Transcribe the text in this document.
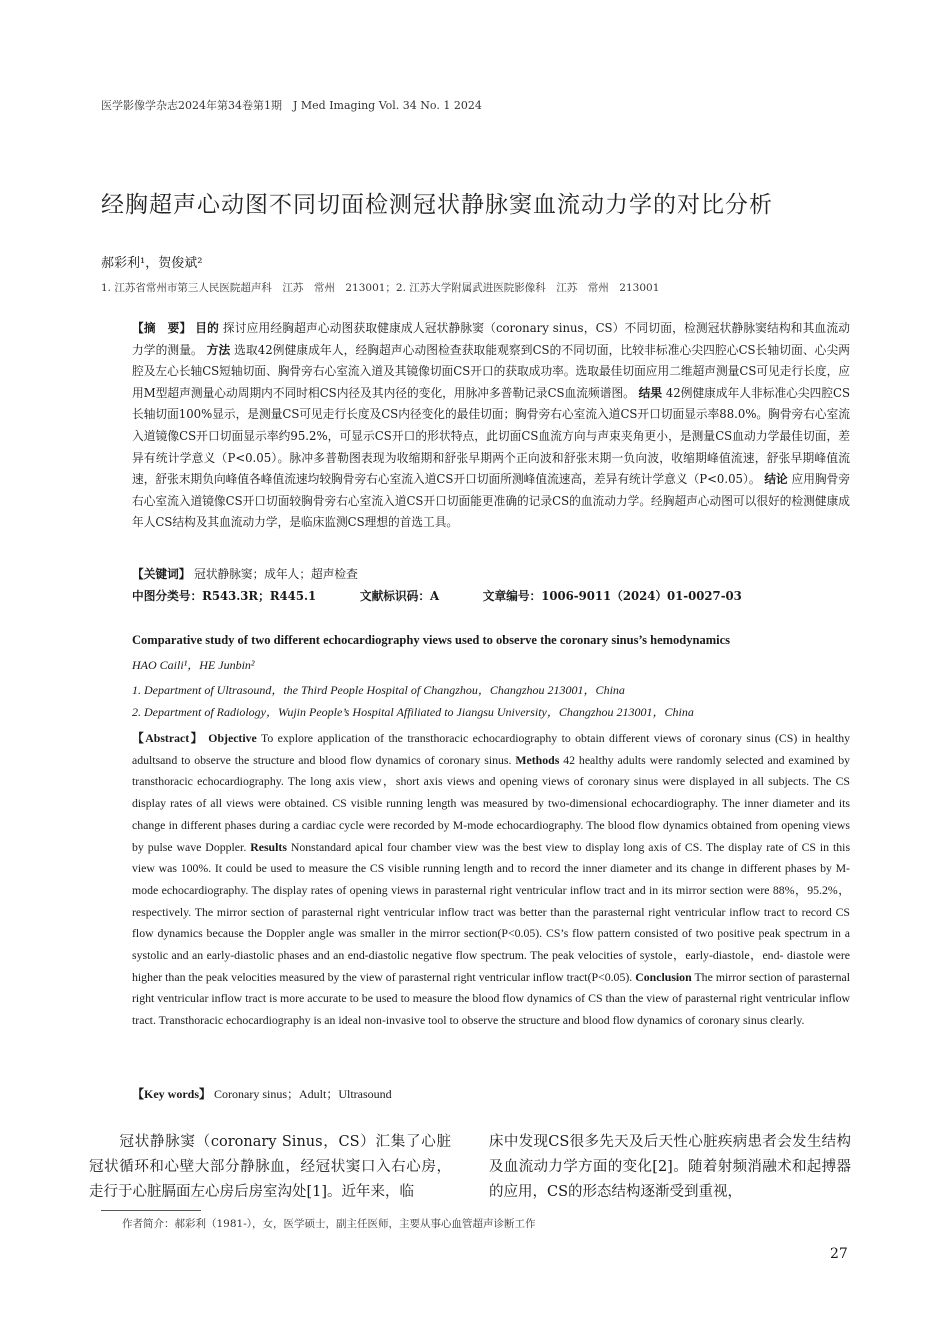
医学影像学杂志2024年第34卷第1期　J Med Imaging Vol. 34 No. 1 2024
经胸超声心动图不同切面检测冠状静脉窦血流动力学的对比分析
郝彩利¹，贺俊斌²
1. 江苏省常州市第三人民医院超声科　江苏　常州　213001；2. 江苏大学附属武进医院影像科　江苏　常州　213001
【摘　要】 目的 探讨应用经胸超声心动图获取健康成人冠状静脉窦（coronary sinus，CS）不同切面，检测冠状静脉窦结构和其血流动力学的测量。 方法 选取42例健康成年人，经胸超声心动图检查获取能观察到CS的不同切面，比较非标准心尖四腔心CS长轴切面、心尖两腔及左心长轴CS短轴切面、胸骨旁右心室流入道及其镜像切面CS开口的获取成功率。选取最佳切面应用二维超声测量CS可见走行长度，应用M型超声测量心动周期内不同时相CS内径及其内径的变化，用脉冲多普勒记录CS血流频谱图。 结果 42例健康成年人非标准心尖四腔CS长轴切面100%显示，是测量CS可见走行长度及CS内径变化的最佳切面；胸骨旁右心室流入道CS开口切面显示率88.0%。胸骨旁右心室流入道镜像CS开口切面显示率约95.2%，可显示CS开口的形状特点，此切面CS血流方向与声束夹角更小，是测量CS血动力学最佳切面，差异有统计学意义（P<0.05）。脉冲多普勒图表现为收缩期和舒张早期两个正向波和舒张末期一负向波，收缩期峰值流速，舒张早期峰值流速，舒张末期负向峰值各峰值流速均较胸骨旁右心室流入道CS开口切面所测峰值流速高，差异有统计学意义（P<0.05）。 结论 应用胸骨旁右心室流入道镜像CS开口切面较胸骨旁右心室流入道CS开口切面能更准确的记录CS的血流动力学。经胸超声心动图可以很好的检测健康成年人CS结构及其血流动力学，是临床监测CS理想的首选工具。
【关键词】 冠状静脉窦；成年人；超声检查
中图分类号：R543.3R；R445.1	文献标识码：A	文章编号：1006-9011（2024）01-0027-03
Comparative study of two different echocardiography views used to observe the coronary sinus’s hemodynamics
HAO Caili¹，HE Junbin²
1. Department of Ultrasound，the Third People Hospital of Changzhou，Changzhou 213001，China
2. Department of Radiology，Wujin People’s Hospital Affiliated to Jiangsu University，Changzhou 213001，China
【Abstract】 Objective To explore application of the transthoracic echocardiography to obtain different views of coronary sinus (CS) in healthy adultsand to observe the structure and blood flow dynamics of coronary sinus. Methods 42 healthy adults were randomly selected and examined by transthoracic echocardiography. The long axis view，short axis views and opening views of coronary sinus were displayed in all subjects. The CS display rates of all views were obtained. CS visible running length was measured by two-dimensional echocardiography. The inner diameter and its change in different phases during a cardiac cycle were recorded by M-mode echocardiography. The blood flow dynamics obtained from opening views by pulse wave Doppler. Results Nonstandard apical four chamber view was the best view to display long axis of CS. The display rate of CS in this view was 100%. It could be used to measure the CS visible running length and to record the inner diameter and its change in different phases by M-mode echocardiography. The display rates of opening views in parasternal right ventricular inflow tract and in its mirror section were 88%，95.2%，respectively. The mirror section of parasternal right ventricular inflow tract was better than the parasternal right ventricular inflow tract to record CS flow dynamics because the Doppler angle was smaller in the mirror section(P<0.05). CS’s flow pattern consisted of two positive peak spectrum in a systolic and an early-diastolic phases and an end-diastolic negative flow spectrum. The peak velocities of systole，early-diastole，end- diastole were higher than the peak velocities measured by the view of parasternal right ventricular inflow tract(P<0.05). Conclusion The mirror section of parasternal right ventricular inflow tract is more accurate to be used to measure the blood flow dynamics of CS than the view of parasternal right ventricular inflow tract. Transthoracic echocardiography is an ideal non-invasive tool to observe the structure and blood flow dynamics of coronary sinus clearly.
【Key words】 Coronary sinus；Adult；Ultrasound
　　冠状静脉窦（coronary Sinus，CS）汇集了心脏冠状循环和心壁大部分静脉血，经冠状窦口入右心房，走行于心脏膈面左心房后房室沟处[1]。近年来，临
床中发现CS很多先天及后天性心脏疾病患者会发生结构及血流动力学方面的变化[2]。随着射频消融术和起搏器的应用，CS的形态结构逐渐受到重视，
作者简介：郝彩利（1981-），女，医学硕士，副主任医师，主要从事心血管超声诊断工作
27
